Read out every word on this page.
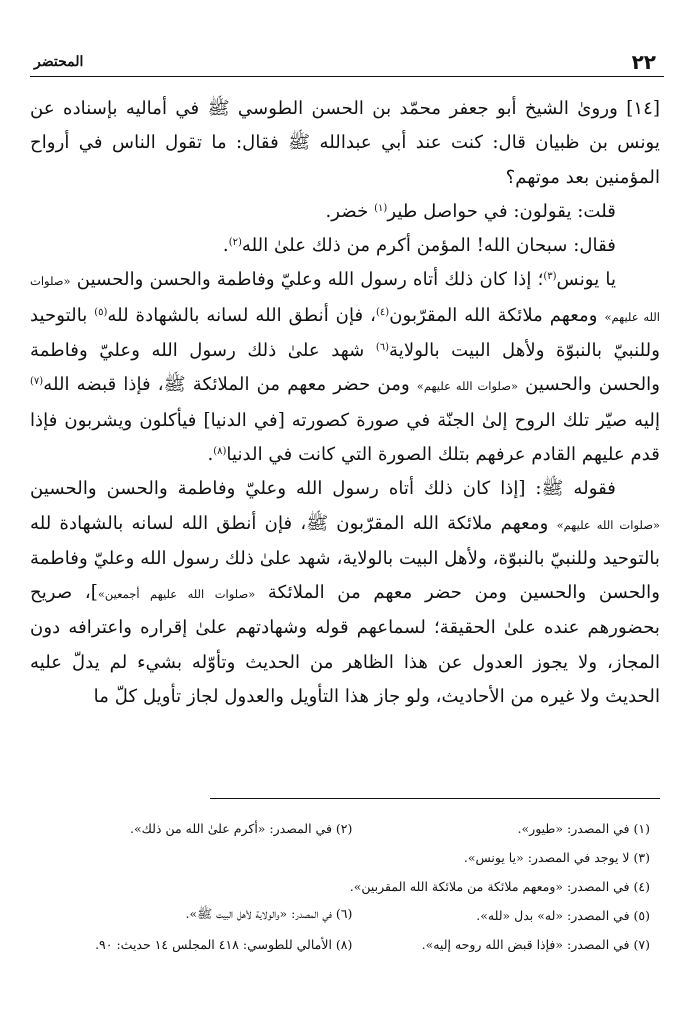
٢٢
المحتضر

[١٤] وروىٰ الشيخ أبو جعفر محمّد بن الحسن الطوسي ﷺ في أماليه بإسناده عن يونس بن ظبيان قال: كنت عند أبي عبدالله ﷺ فقال: ما تقول الناس في أرواح المؤمنين بعد موتهم؟

قلت: يقولون: في حواصل طير$^{(١)}$ خضر.

فقال: سبحان الله! المؤمن أكرم من ذلك علىٰ الله$^{(٢)}$.

يا يونس$^{(٣)}$؛ إذا كان ذلك أتاه رسول الله وعليّ وفاطمة والحسن والحسين «صلوات الله عليهم» ومعهم ملائكة الله المقرّبون$^{(٤)}$، فإن أنطق الله لسانه بالشهادة لله$^{(٥)}$ بالتوحيد وللنبيّ بالنبوّة ولأهل البيت بالولاية$^{(٦)}$ شهد علىٰ ذلك رسول الله وعليّ وفاطمة والحسن والحسين «صلوات الله عليهم» ومن حضر معهم من الملائكة ﷺ، فإذا قبضه الله$^{(٧)}$ إليه صيّر تلك الروح إلىٰ الجنّة في صورة كصورته [في الدنيا] فيأكلون ويشربون فإذا قدم عليهم القادم عرفهم بتلك الصورة التي كانت في الدنيا$^{(٨)}$.

فقوله ﷺ: [إذا كان ذلك أتاه رسول الله وعليّ وفاطمة والحسن والحسين «صلوات الله عليهم» ومعهم ملائكة الله المقرّبون ﷺ، فإن أنطق الله لسانه بالشهادة لله بالتوحيد وللنبيّ بالنبوّة، ولأهل البيت بالولاية، شهد علىٰ ذلك رسول الله وعليّ وفاطمة والحسن والحسين ومن حضر معهم من الملائكة «صلوات الله عليهم أجمعين»]، صريح بحضورهم عنده علىٰ الحقيقة؛ لسماعهم قوله وشهادتهم علىٰ إقراره واعترافه دون المجاز، ولا يجوز العدول عن هذا الظاهر من الحديث وتأوّله بشيء لم يدلّ عليه الحديث ولا غيره من الأحاديث، ولو جاز هذا التأويل والعدول لجاز تأويل كلّ ما

(١) في المصدر: «طيور».
(٢) في المصدر: «أكرم علىٰ الله من ذلك».
(٣) لا يوجد في المصدر: «يا يونس».
(٤) في المصدر: «ومعهم ملائكة من ملائكة الله المقربين».
(٥) في المصدر: «له» بدل «لله».
(٦) في المصدر: «والولاية لأهل البيت ﷺ».
(٧) في المصدر: «فإذا قبض الله روحه إليه».
(٨) الأمالي للطوسي: ٤١٨ المجلس ١٤ حديث: ٩٠.
